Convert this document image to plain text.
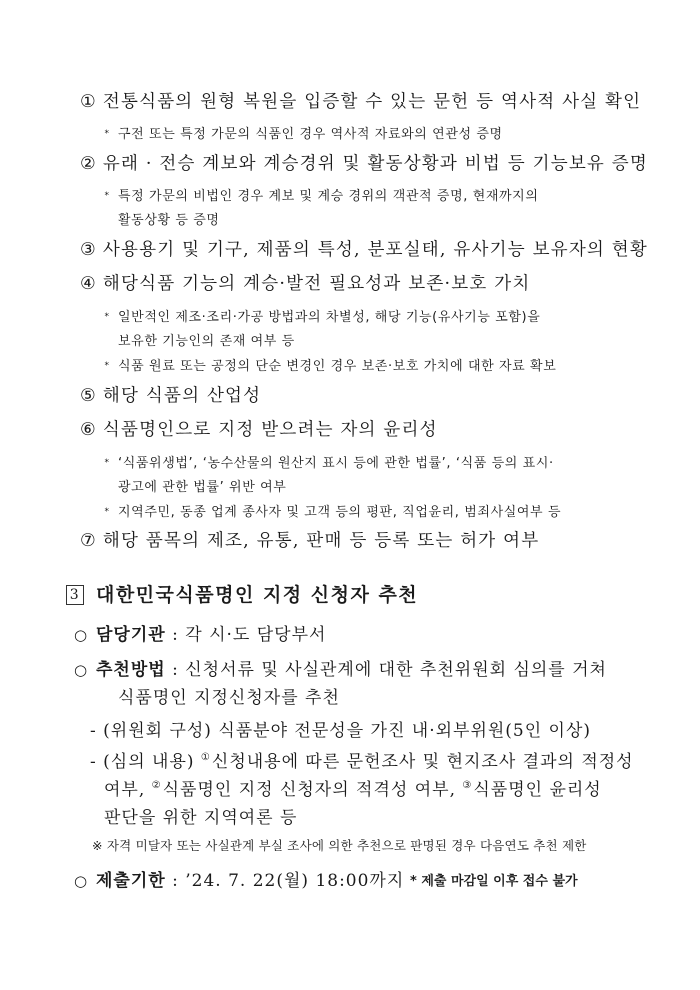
① 전통식품의 원형 복원을 입증할 수 있는 문헌 등 역사적 사실 확인
* 구전 또는 특정 가문의 식품인 경우 역사적 자료와의 연관성 증명
② 유래 · 전승 계보와 계승경위 및 활동상황과 비법 등 기능보유 증명
* 특정 가문의 비법인 경우 계보 및 계승 경위의 객관적 증명, 현재까지의
활동상황 등 증명
③ 사용용기 및 기구, 제품의 특성, 분포실태, 유사기능 보유자의 현황
④ 해당식품 기능의 계승·발전 필요성과 보존·보호 가치
* 일반적인 제조·조리·가공 방법과의 차별성, 해당 기능(유사기능 포함)을
보유한 기능인의 존재 여부 등
* 식품 원료 또는 공정의 단순 변경인 경우 보존·보호 가치에 대한 자료 확보
⑤ 해당 식품의 산업성
⑥ 식품명인으로 지정 받으려는 자의 윤리성
* ‘식품위생법’, ‘농수산물의 원산지 표시 등에 관한 법률’, ‘식품 등의 표시·
광고에 관한 법률’ 위반 여부
* 지역주민, 동종 업계 종사자 및 고객 등의 평판, 직업윤리, 범죄사실여부 등
⑦ 해당 품목의 제조, 유통, 판매 등 등록 또는 허가 여부
3 대한민국식품명인 지정 신청자 추천
○ 담당기관 : 각 시·도 담당부서
○ 추천방법 : 신청서류 및 사실관계에 대한 추천위원회 심의를 거쳐
식품명인 지정신청자를 추천
- (위원회 구성) 식품분야 전문성을 가진 내·외부위원(5인 이상)
- (심의 내용) ①신청내용에 따른 문헌조사 및 현지조사 결과의 적정성
여부, ②식품명인 지정 신청자의 적격성 여부, ③식품명인 윤리성
판단을 위한 지역여론 등
※ 자격 미달자 또는 사실관계 부실 조사에 의한 추천으로 판명된 경우 다음연도 추천 제한
○ 제출기한 : ’24. 7. 22(월) 18:00까지 * 제출 마감일 이후 접수 불가
